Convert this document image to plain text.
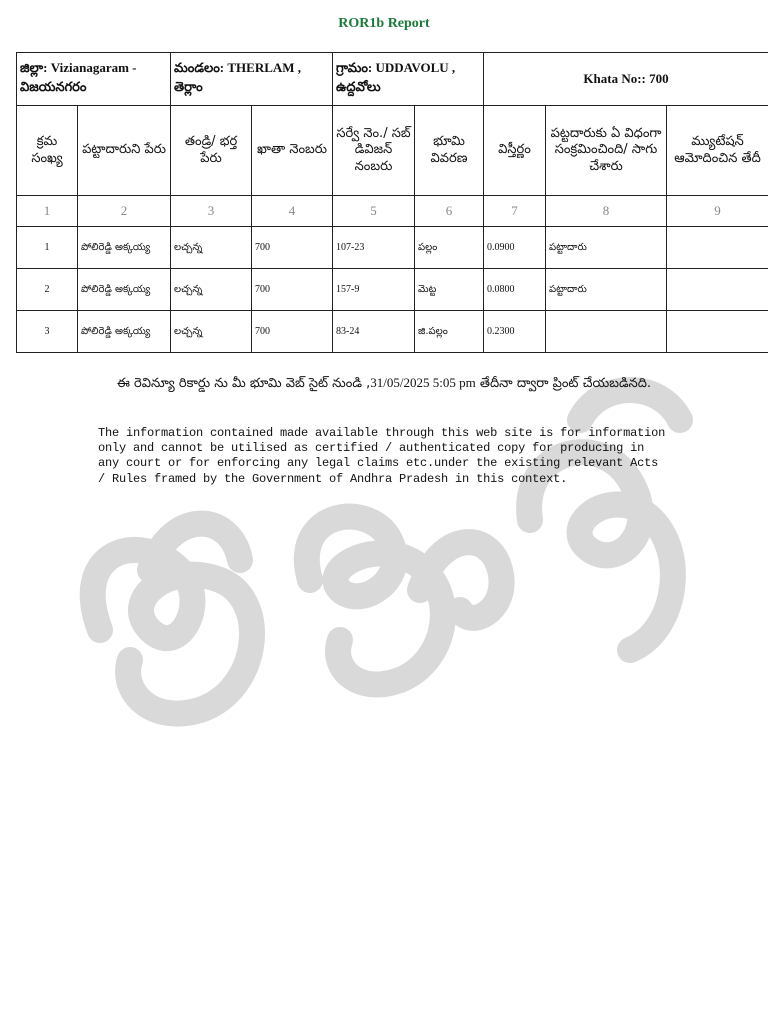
ROR1b Report
జిల్లా: Vizianagaram - విజయనగరం		మండలం: THERLAM , తెర్లాం		గ్రామం: UDDAVOLU , ఉద్దవోలు		Khata No:: 700		
క్రమ సంఖ్య	పట్టాదారుని పేరు	తండ్రి/ భర్త పేరు	ఖాతా నెంబరు	సర్వే నెం./ సబ్ డివిజన్ నంబరు	భూమి వివరణ	విస్తీర్ణం	పట్టదారుకు ఏ విధంగా సంక్రమించింది/ సాగు చేశారు	మ్యుటేషన్ ఆమోదించిన తేదీ
1	2	3	4	5	6	7	8	9
1	పోలిరెడ్డి అక్కయ్య	లచ్చన్న	700	107-23	పల్లం	0.0900	పట్టాదారు	
2	పోలిరెడ్డి అక్కయ్య	లచ్చన్న	700	157-9	మెట్ట	0.0800	పట్టాదారు	
3	పోలిరెడ్డి అక్కయ్య	లచ్చన్న	700	83-24	జి.పల్లం	0.2300		
ఈ రెవిన్యూ రికార్డు ను మీ భూమి వెబ్ సైట్ నుండి ,31/05/2025 5:05 pm తేదీనా ద్వారా ప్రింట్ చేయబడినది.
The information contained made available through this web site is for information only and cannot be utilised as certified / authenticated copy for producing in any court or for enforcing any legal claims etc.under the existing relevant Acts / Rules framed by the Government of Andhra Pradesh in this context.
